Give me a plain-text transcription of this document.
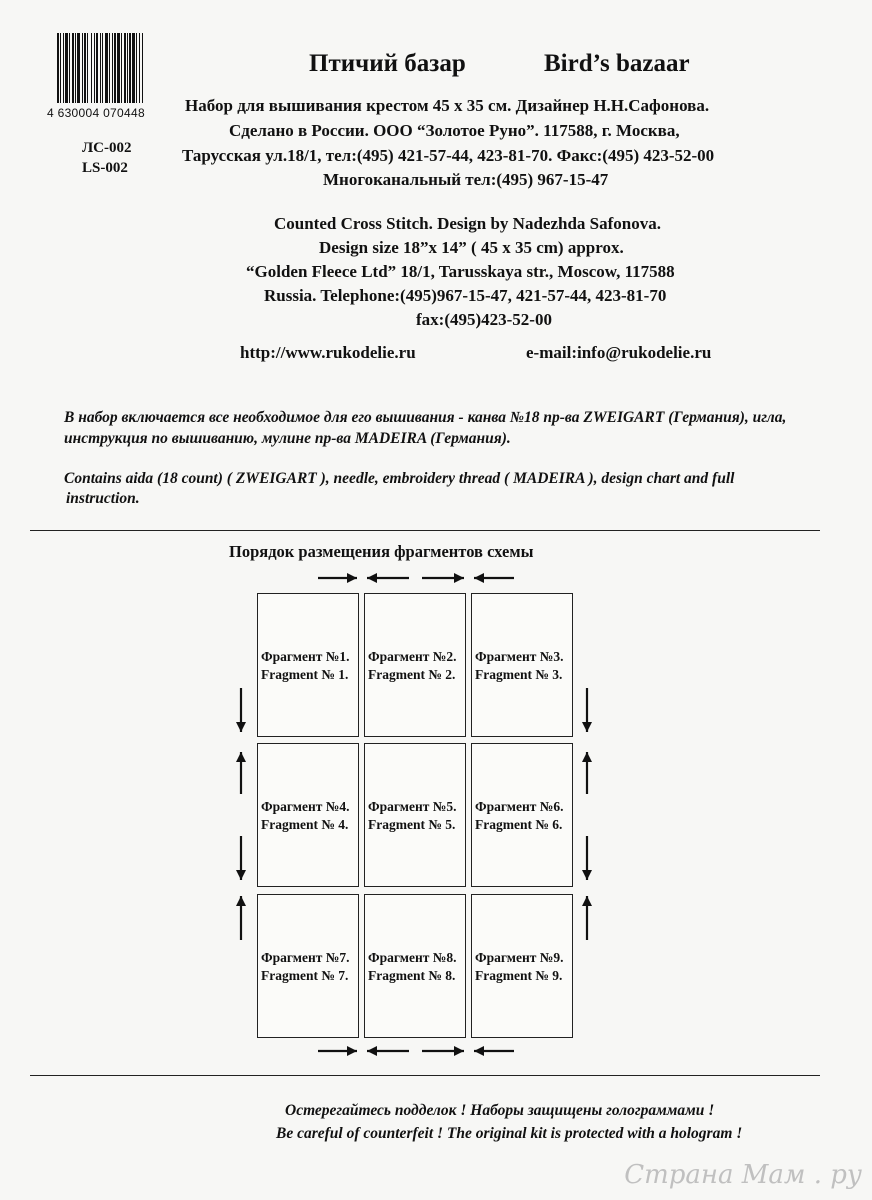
4 630004 070448
ЛС-002
LS-002
Птичий базар	Bird’s bazaar
Набор для вышивания крестом 45 х 35 см. Дизайнер Н.Н.Сафонова.
Сделано в России. ООО “Золотое Руно”. 117588, г. Москва,
Тарусская ул.18/1, тел:(495) 421-57-44, 423-81-70. Факс:(495) 423-52-00
Многоканальный тел:(495) 967-15-47
Counted Cross Stitch. Design by Nadezhda Safonova.
Design size 18”x 14” ( 45 x 35 cm) approx.
“Golden Fleece Ltd” 18/1, Tarusskaya str., Moscow, 117588
Russia. Telephone:(495)967-15-47, 421-57-44, 423-81-70
fax:(495)423-52-00
http://www.rukodelie.ru	e-mail:info@rukodelie.ru
В набор включается все необходимое для его вышивания - канва №18 пр-ва ZWEIGART (Германия), игла,
инструкция по вышиванию, мулине пр-ва MADEIRA (Германия).
Contains aida (18 count) ( ZWEIGART ), needle, embroidery thread ( MADEIRA ), design chart and full
instruction.
Порядок размещения фрагментов схемы
Фрагмент №1.
Fragment № 1.
Фрагмент №2.
Fragment № 2.
Фрагмент №3.
Fragment № 3.
Фрагмент №4.
Fragment № 4.
Фрагмент №5.
Fragment № 5.
Фрагмент №6.
Fragment № 6.
Фрагмент №7.
Fragment № 7.
Фрагмент №8.
Fragment № 8.
Фрагмент №9.
Fragment № 9.
Остерегайтесь подделок ! Наборы защищены голограммами !
Be careful of counterfeit ! The original kit is protected with a hologram !
Страна Мам . ру
